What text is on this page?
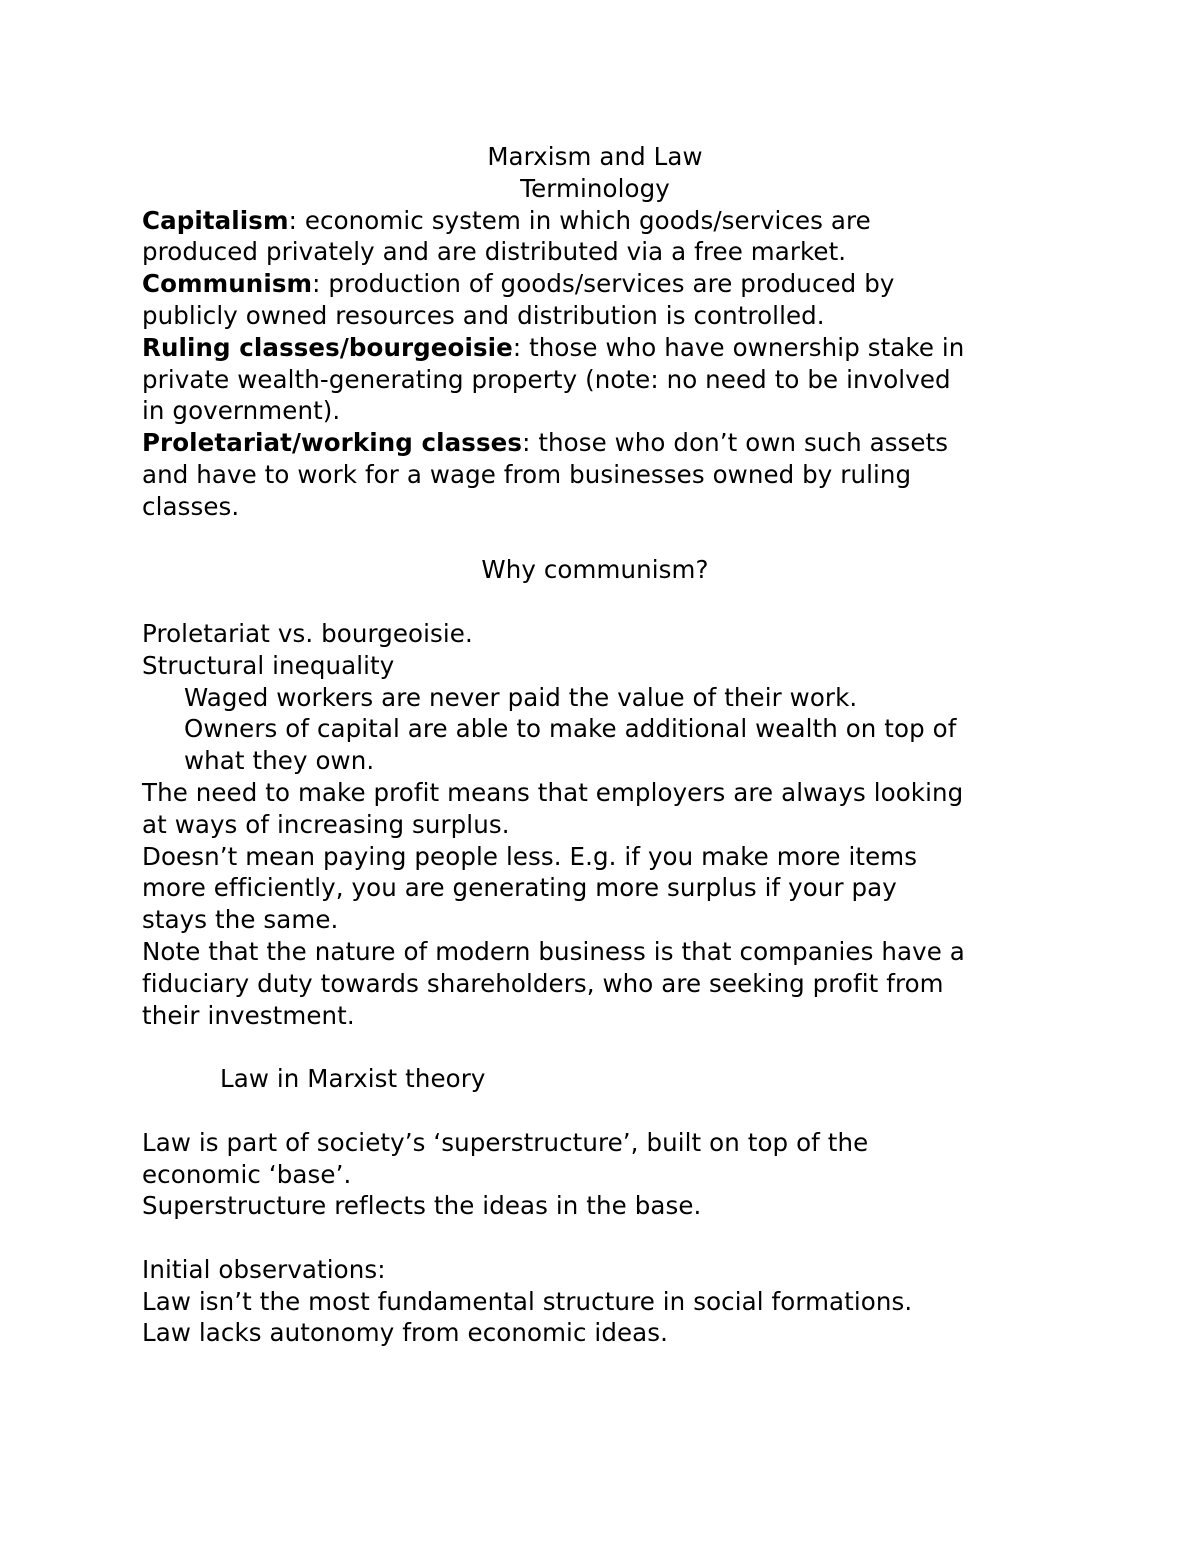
Marxism and Law
Terminology
Capitalism: economic system in which goods/services are
produced privately and are distributed via a free market.
Communism: production of goods/services are produced by
publicly owned resources and distribution is controlled.
Ruling classes/bourgeoisie: those who have ownership stake in
private wealth-generating property (note: no need to be involved
in government).
Proletariat/working classes: those who don’t own such assets
and have to work for a wage from businesses owned by ruling
classes.
Why communism?
Proletariat vs. bourgeoisie.
Structural inequality
Waged workers are never paid the value of their work.
Owners of capital are able to make additional wealth on top of
what they own.
The need to make profit means that employers are always looking
at ways of increasing surplus.
Doesn’t mean paying people less. E.g. if you make more items
more efficiently, you are generating more surplus if your pay
stays the same.
Note that the nature of modern business is that companies have a
fiduciary duty towards shareholders, who are seeking profit from
their investment.
Law in Marxist theory
Law is part of society’s ‘superstructure’, built on top of the
economic ‘base’.
Superstructure reflects the ideas in the base.
Initial observations:
Law isn’t the most fundamental structure in social formations.
Law lacks autonomy from economic ideas.
